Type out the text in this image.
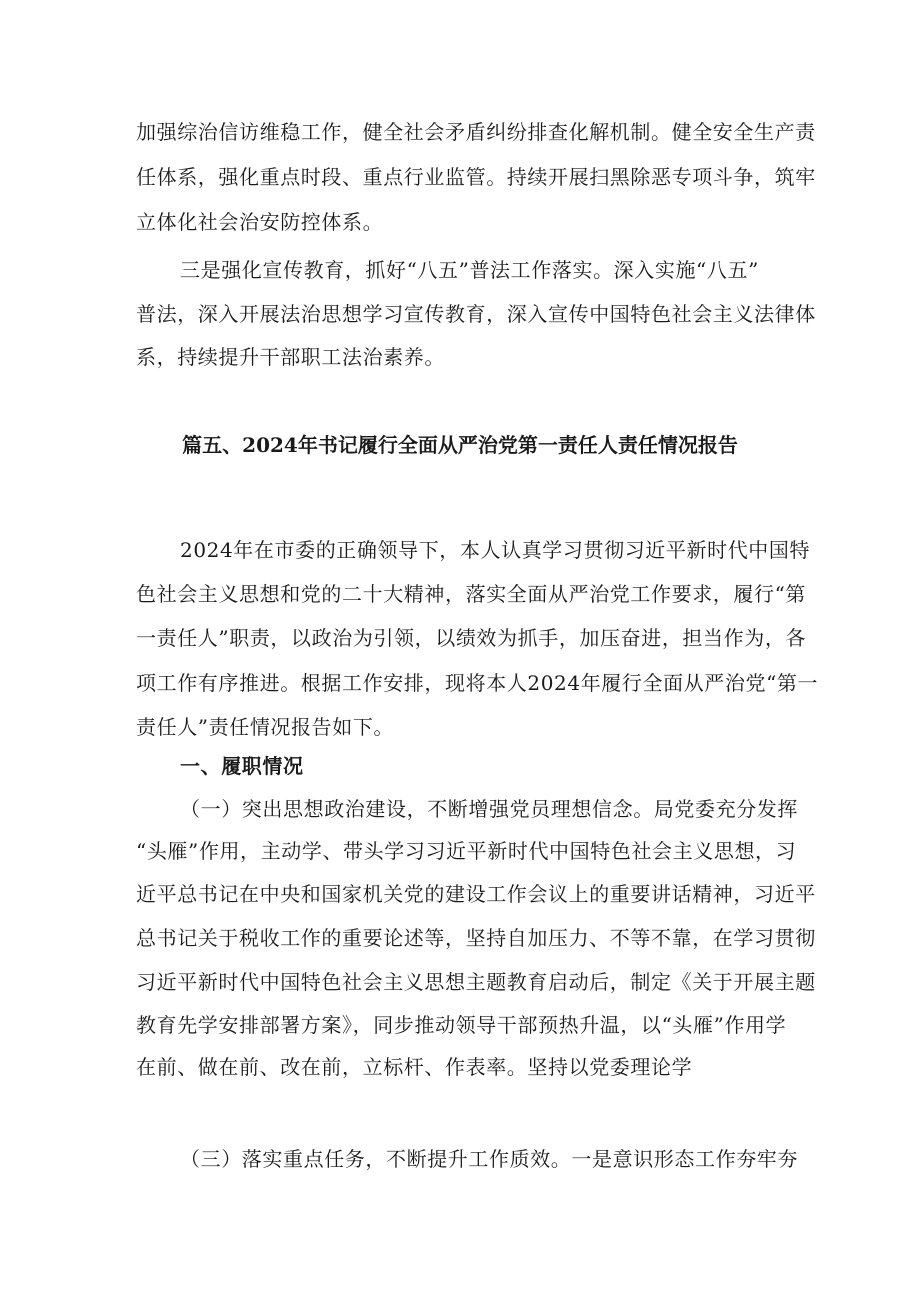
加强综治信访维稳工作，健全社会矛盾纠纷排查化解机制。健全安全生产责
任体系，强化重点时段、重点行业监管。持续开展扫黑除恶专项斗争，筑牢
立体化社会治安防控体系。
三是强化宣传教育，抓好“八五”普法工作落实。深入实施“八五”
普法，深入开展法治思想学习宣传教育，深入宣传中国特色社会主义法律体
系，持续提升干部职工法治素养。
篇五、2024年书记履行全面从严治党第一责任人责任情况报告
2024年在市委的正确领导下，本人认真学习贯彻习近平新时代中国特
色社会主义思想和党的二十大精神，落实全面从严治党工作要求，履行“第
一责任人”职责，以政治为引领，以绩效为抓手，加压奋进，担当作为，各
项工作有序推进。根据工作安排，现将本人2024年履行全面从严治党“第一
责任人”责任情况报告如下。
一、履职情况
（一）突出思想政治建设，不断增强党员理想信念。局党委充分发挥
“头雁”作用，主动学、带头学习习近平新时代中国特色社会主义思想，习
近平总书记在中央和国家机关党的建设工作会议上的重要讲话精神，习近平
总书记关于税收工作的重要论述等，坚持自加压力、不等不靠，在学习贯彻
习近平新时代中国特色社会主义思想主题教育启动后，制定《关于开展主题
教育先学安排部署方案》，同步推动领导干部预热升温，以“头雁”作用学
在前、做在前、改在前，立标杆、作表率。坚持以党委理论学
（三）落实重点任务，不断提升工作质效。一是意识形态工作夯牢夯
